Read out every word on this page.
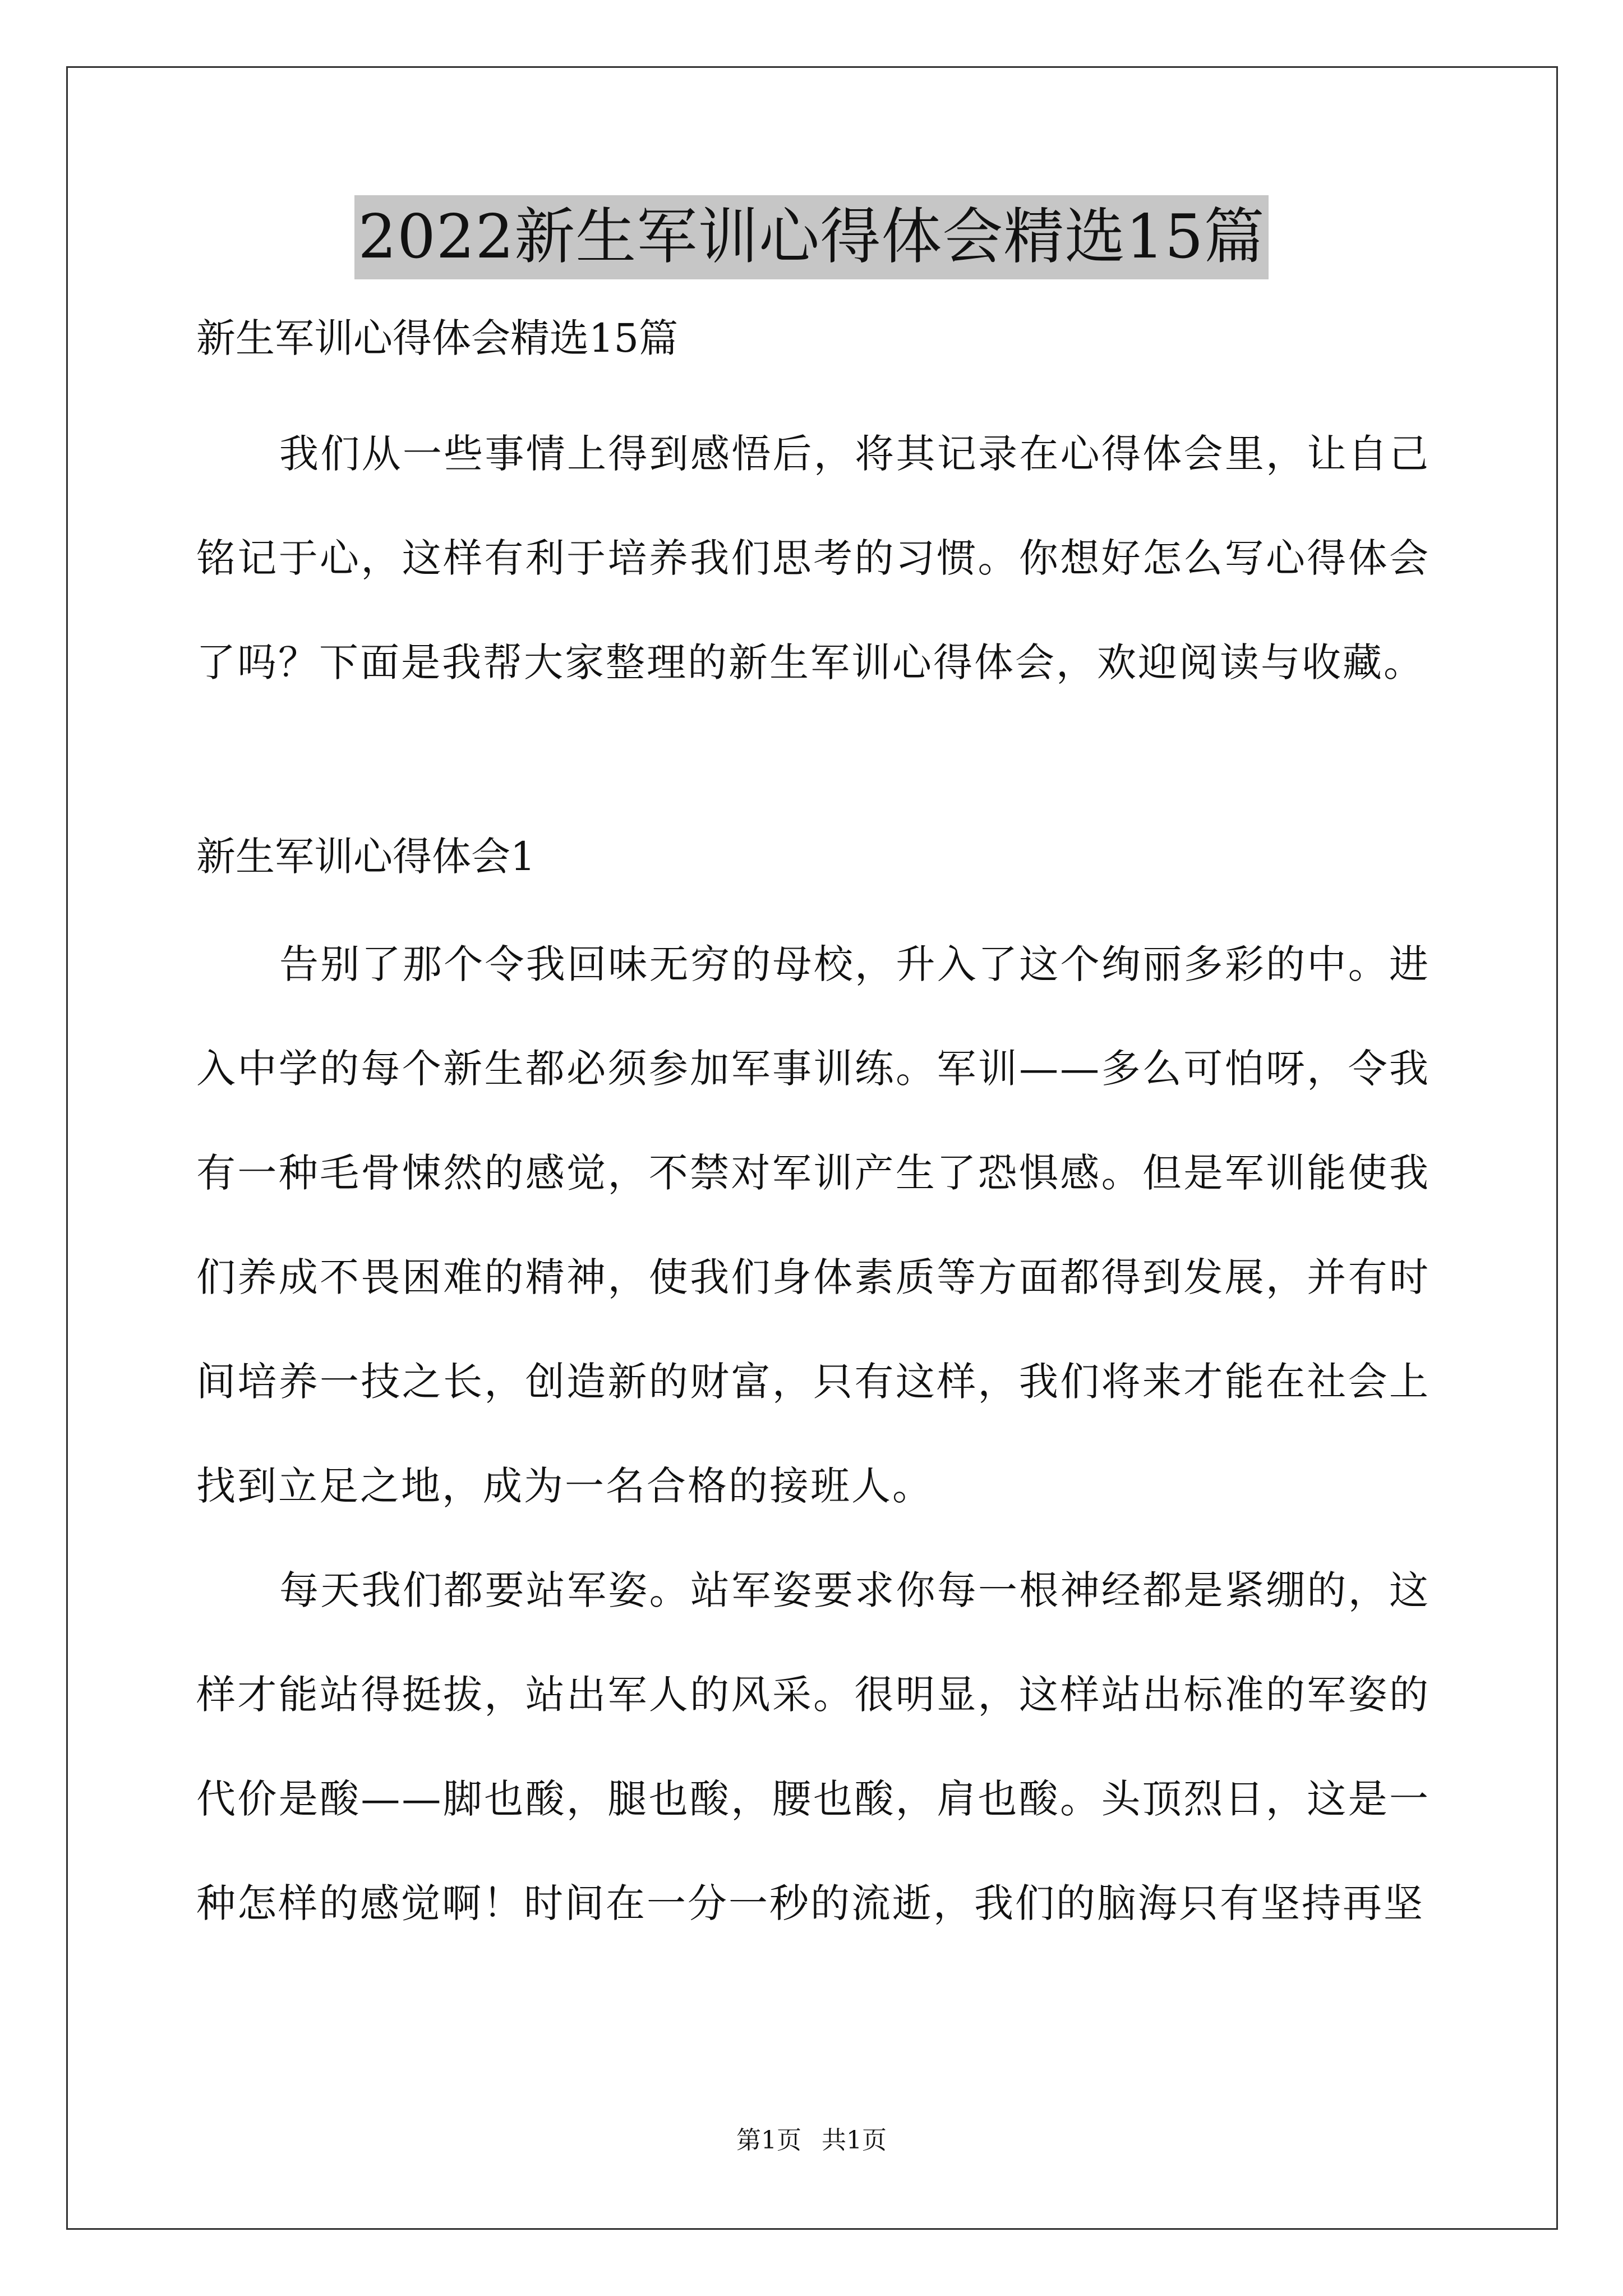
2022新生军训心得体会精选15篇

新生军训心得体会精选15篇

我们从一些事情上得到感悟后，将其记录在心得体会里，让自己铭记于心，这样有利于培养我们思考的习惯。你想好怎么写心得体会了吗？下面是我帮大家整理的新生军训心得体会，欢迎阅读与收藏。

新生军训心得体会1

告别了那个令我回味无穷的母校，升入了这个绚丽多彩的中。进入中学的每个新生都必须参加军事训练。军训——多么可怕呀，令我有一种毛骨悚然的感觉，不禁对军训产生了恐惧感。但是军训能使我们养成不畏困难的精神，使我们身体素质等方面都得到发展，并有时间培养一技之长，创造新的财富，只有这样，我们将来才能在社会上找到立足之地，成为一名合格的接班人。

每天我们都要站军姿。站军姿要求你每一根神经都是紧绷的，这样才能站得挺拔，站出军人的风采。很明显，这样站出标准的军姿的代价是酸——脚也酸，腿也酸，腰也酸，肩也酸。头顶烈日，这是一种怎样的感觉啊！时间在一分一秒的流逝，我们的脑海只有坚持再坚

第1页 共1页
